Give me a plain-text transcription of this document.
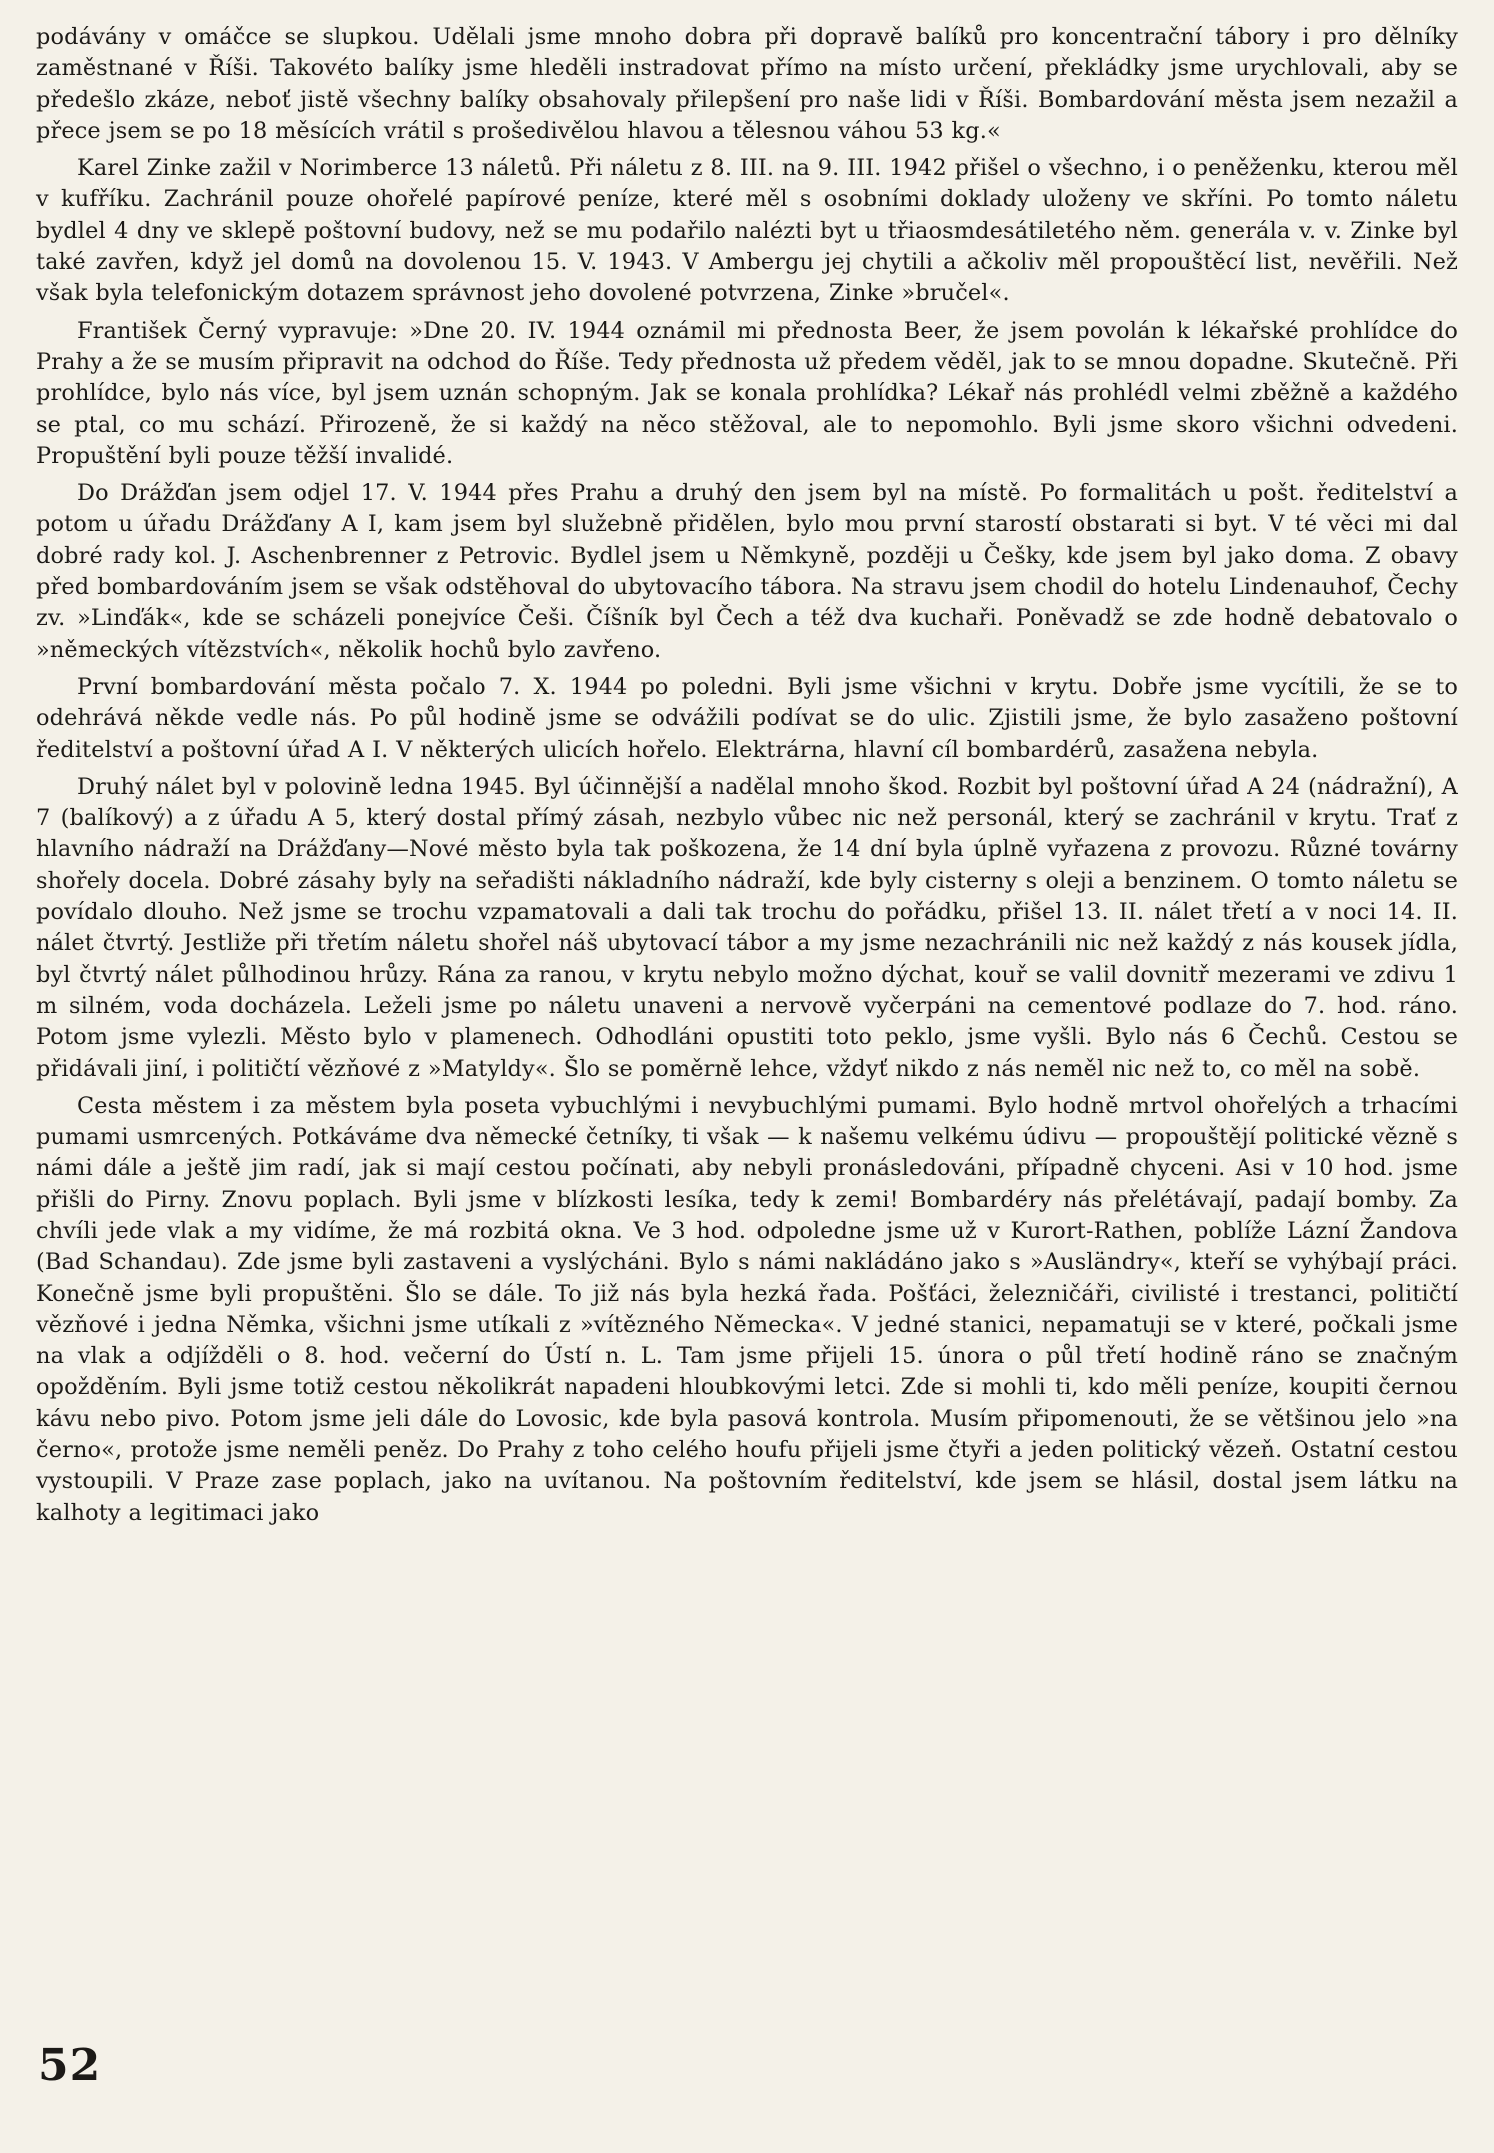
podávány v omáčce se slupkou. Udělali jsme mnoho dobra při dopravě balíků pro koncentrační tábory i pro dělníky zaměstnané v Říši. Takovéto balíky jsme hleděli instradovat přímo na místo určení, překládky jsme urychlovali, aby se předešlo zkáze, neboť jistě všechny balíky obsahovaly přilepšení pro naše lidi v Říši. Bombardování města jsem nezažil a přece jsem se po 18 měsících vrátil s prošedivělou hlavou a tělesnou váhou 53 kg.«

Karel Zinke zažil v Norimberce 13 náletů. Při náletu z 8. III. na 9. III. 1942 přišel o všechno, i o peněženku, kterou měl v kufříku. Zachránil pouze ohořelé papírové peníze, které měl s osobními doklady uloženy ve skříni. Po tomto náletu bydlel 4 dny ve sklepě poštovní budovy, než se mu podařilo nalézti byt u třiaosmdesátiletého něm. generála v. v. Zinke byl také zavřen, když jel domů na dovolenou 15. V. 1943. V Ambergu jej chytili a ačkoliv měl propouštěcí list, nevěřili. Než však byla telefonickým dotazem správnost jeho dovolené potvrzena, Zinke »bručel«.

František Černý vypravuje: »Dne 20. IV. 1944 oznámil mi přednosta Beer, že jsem povolán k lékařské prohlídce do Prahy a že se musím připravit na odchod do Říše. Tedy přednosta už předem věděl, jak to se mnou dopadne. Skutečně. Při prohlídce, bylo nás více, byl jsem uznán schopným. Jak se konala prohlídka? Lékař nás prohlédl velmi zběžně a každého se ptal, co mu schází. Přirozeně, že si každý na něco stěžoval, ale to nepomohlo. Byli jsme skoro všichni odvedeni. Propuštění byli pouze těžší invalidé.

Do Drážďan jsem odjel 17. V. 1944 přes Prahu a druhý den jsem byl na místě. Po formalitách u pošt. ředitelství a potom u úřadu Drážďany A I, kam jsem byl služebně přidělen, bylo mou první starostí obstarati si byt. V té věci mi dal dobré rady kol. J. Aschenbrenner z Petrovic. Bydlel jsem u Němkyně, později u Češky, kde jsem byl jako doma. Z obavy před bombardováním jsem se však odstěhoval do ubytovacího tábora. Na stravu jsem chodil do hotelu Lindenauhof, Čechy zv. »Linďák«, kde se scházeli ponejvíce Češi. Číšník byl Čech a též dva kuchaři. Poněvadž se zde hodně debatovalo o »německých vítězstvích«, několik hochů bylo zavřeno.

První bombardování města počalo 7. X. 1944 po poledni. Byli jsme všichni v krytu. Dobře jsme vycítili, že se to odehrává někde vedle nás. Po půl hodině jsme se odvážili podívat se do ulic. Zjistili jsme, že bylo zasaženo poštovní ředitelství a poštovní úřad A I. V některých ulicích hořelo. Elektrárna, hlavní cíl bombardérů, zasažena nebyla.

Druhý nálet byl v polovině ledna 1945. Byl účinnější a nadělal mnoho škod. Rozbit byl poštovní úřad A 24 (nádražní), A 7 (balíkový) a z úřadu A 5, který dostal přímý zásah, nezbylo vůbec nic než personál, který se zachránil v krytu. Trať z hlavního nádraží na Drážďany—Nové město byla tak poškozena, že 14 dní byla úplně vyřazena z provozu. Různé továrny shořely docela. Dobré zásahy byly na seřadišti nákladního nádraží, kde byly cisterny s oleji a benzinem. O tomto náletu se povídalo dlouho. Než jsme se trochu vzpamatovali a dali tak trochu do pořádku, přišel 13. II. nálet třetí a v noci 14. II. nálet čtvrtý. Jestliže při třetím náletu shořel náš ubytovací tábor a my jsme nezachránili nic než každý z nás kousek jídla, byl čtvrtý nálet půlhodinou hrůzy. Rána za ranou, v krytu nebylo možno dýchat, kouř se valil dovnitř mezerami ve zdivu 1 m silném, voda docházela. Leželi jsme po náletu unaveni a nervově vyčerpáni na cementové podlaze do 7. hod. ráno. Potom jsme vylezli. Město bylo v plamenech. Odhodláni opustiti toto peklo, jsme vyšli. Bylo nás 6 Čechů. Cestou se přidávali jiní, i političtí vězňové z »Matyldy«. Šlo se poměrně lehce, vždyť nikdo z nás neměl nic než to, co měl na sobě.

Cesta městem i za městem byla poseta vybuchlými i nevybuchlými pumami. Bylo hodně mrtvol ohořelých a trhacími pumami usmrcených. Potkáváme dva německé četníky, ti však — k našemu velkému údivu — propouštějí politické vězně s námi dále a ještě jim radí, jak si mají cestou počínati, aby nebyli pronásledováni, případně chyceni. Asi v 10 hod. jsme přišli do Pirny. Znovu poplach. Byli jsme v blízkosti lesíka, tedy k zemi! Bombardéry nás přelétávají, padají bomby. Za chvíli jede vlak a my vidíme, že má rozbitá okna. Ve 3 hod. odpoledne jsme už v Kurort-Rathen, poblíže Lázní Žandova (Bad Schandau). Zde jsme byli zastaveni a vyslýcháni. Bylo s námi nakládáno jako s »Ausländry«, kteří se vyhýbají práci. Konečně jsme byli propuštěni. Šlo se dále. To již nás byla hezká řada. Pošťáci, železničáři, civilisté i trestanci, političtí vězňové i jedna Němka, všichni jsme utíkali z »vítězného Německa«. V jedné stanici, nepamatuji se v které, počkali jsme na vlak a odjížděli o 8. hod. večerní do Ústí n. L. Tam jsme přijeli 15. února o půl třetí hodině ráno se značným opožděním. Byli jsme totiž cestou několikrát napadeni hloubkovými letci. Zde si mohli ti, kdo měli peníze, koupiti černou kávu nebo pivo. Potom jsme jeli dále do Lovosic, kde byla pasová kontrola. Musím připomenouti, že se většinou jelo »na černo«, protože jsme neměli peněz. Do Prahy z toho celého houfu přijeli jsme čtyři a jeden politický vězeň. Ostatní cestou vystoupili. V Praze zase poplach, jako na uvítanou. Na poštovním ředitelství, kde jsem se hlásil, dostal jsem látku na kalhoty a legitimaci jako

52
